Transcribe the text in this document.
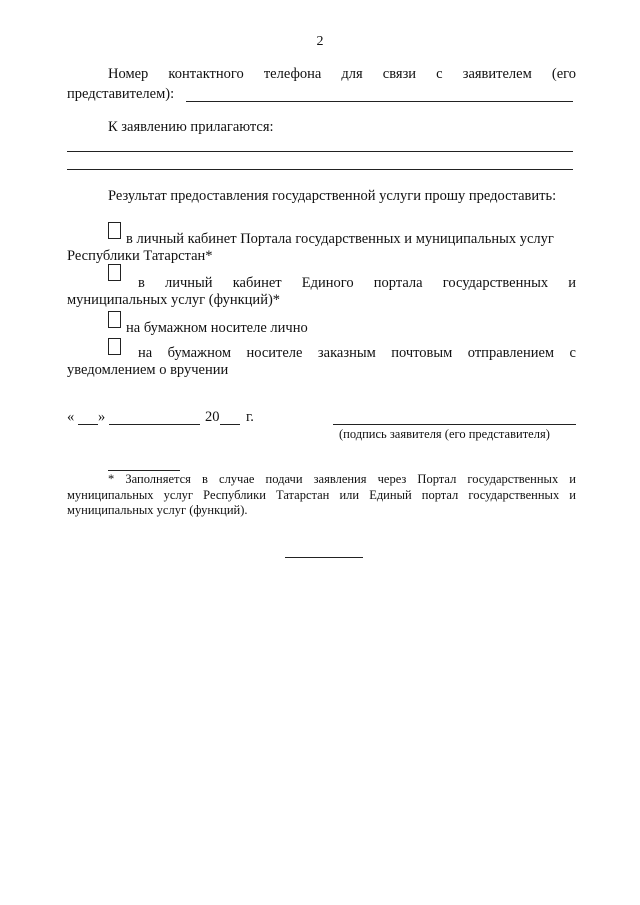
2
Номер контактного телефона для связи с заявителем (его
представителем):
К заявлению прилагаются:
Результат предоставления государственной услуги прошу предоставить:
в личный кабинет Портала государственных и муниципальных услуг
Республики Татарстан*
в личный кабинет Единого портала государственных и
муниципальных услуг (функций)*
на бумажном носителе лично
на бумажном носителе заказным почтовым отправлением с
уведомлением о вручении
« »	20 г.
(подпись заявителя (его представителя)
* Заполняется в случае подачи заявления через Портал государственных и
муниципальных услуг Республики Татарстан или Единый портал государственных и
муниципальных услуг (функций).
